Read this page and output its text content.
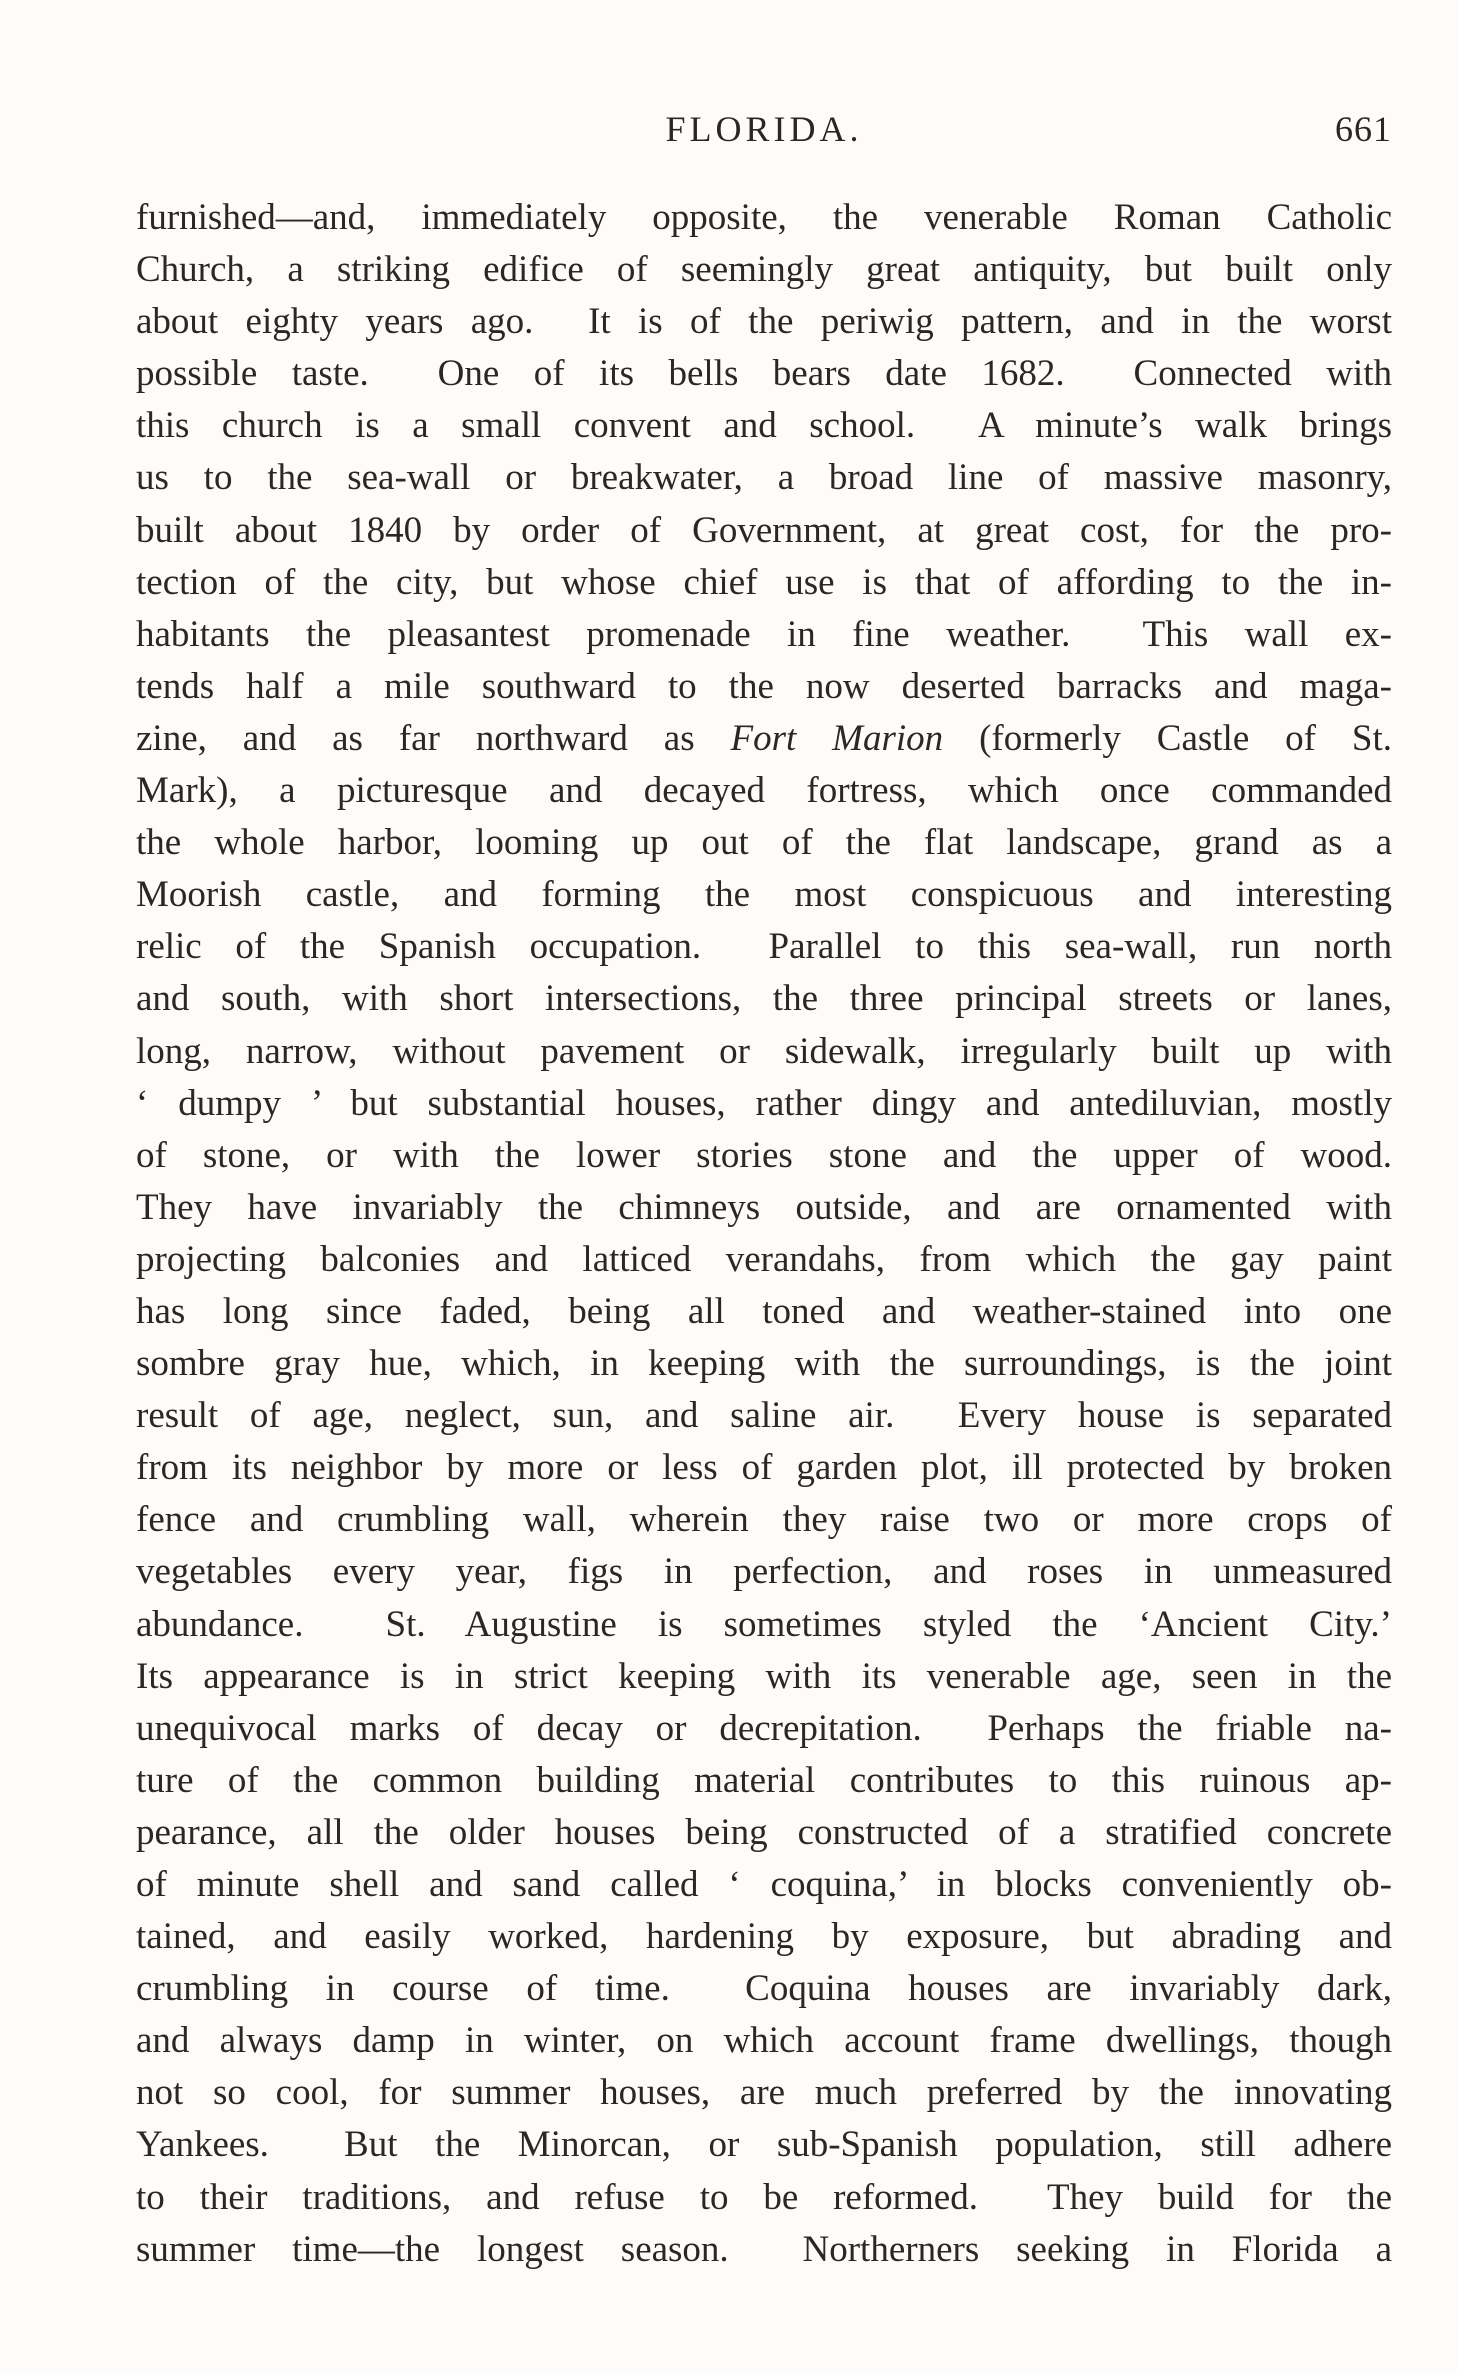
FLORIDA.	661
furnished—and, immediately opposite, the venerable Roman Catholic
Church, a striking edifice of seemingly great antiquity, but built only
about eighty years ago.  It is of the periwig pattern, and in the worst
possible taste.  One of its bells bears date 1682.  Connected with
this church is a small convent and school.  A minute’s walk brings
us to the sea-wall or breakwater, a broad line of massive masonry,
built about 1840 by order of Government, at great cost, for the pro-
tection of the city, but whose chief use is that of affording to the in-
habitants the pleasantest promenade in fine weather.  This wall ex-
tends half a mile southward to the now deserted barracks and maga-
zine, and as far northward as Fort Marion (formerly Castle of St.
Mark), a picturesque and decayed fortress, which once commanded
the whole harbor, looming up out of the flat landscape, grand as a
Moorish castle, and forming the most conspicuous and interesting
relic of the Spanish occupation.  Parallel to this sea-wall, run north
and south, with short intersections, the three principal streets or lanes,
long, narrow, without pavement or sidewalk, irregularly built up with
‘ dumpy ’ but substantial houses, rather dingy and antediluvian, mostly
of stone, or with the lower stories stone and the upper of wood.
They have invariably the chimneys outside, and are ornamented with
projecting balconies and latticed verandahs, from which the gay paint
has long since faded, being all toned and weather-stained into one
sombre gray hue, which, in keeping with the surroundings, is the joint
result of age, neglect, sun, and saline air.  Every house is separated
from its neighbor by more or less of garden plot, ill protected by broken
fence and crumbling wall, wherein they raise two or more crops of
vegetables every year, figs in perfection, and roses in unmeasured
abundance.  St. Augustine is sometimes styled the ‘Ancient City.’
Its appearance is in strict keeping with its venerable age, seen in the
unequivocal marks of decay or decrepitation.  Perhaps the friable na-
ture of the common building material contributes to this ruinous ap-
pearance, all the older houses being constructed of a stratified concrete
of minute shell and sand called ‘ coquina,’ in blocks conveniently ob-
tained, and easily worked, hardening by exposure, but abrading and
crumbling in course of time.  Coquina houses are invariably dark,
and always damp in winter, on which account frame dwellings, though
not so cool, for summer houses, are much preferred by the innovating
Yankees.  But the Minorcan, or sub-Spanish population, still adhere
to their traditions, and refuse to be reformed.  They build for the
summer time—the longest season.  Northerners seeking in Florida a
